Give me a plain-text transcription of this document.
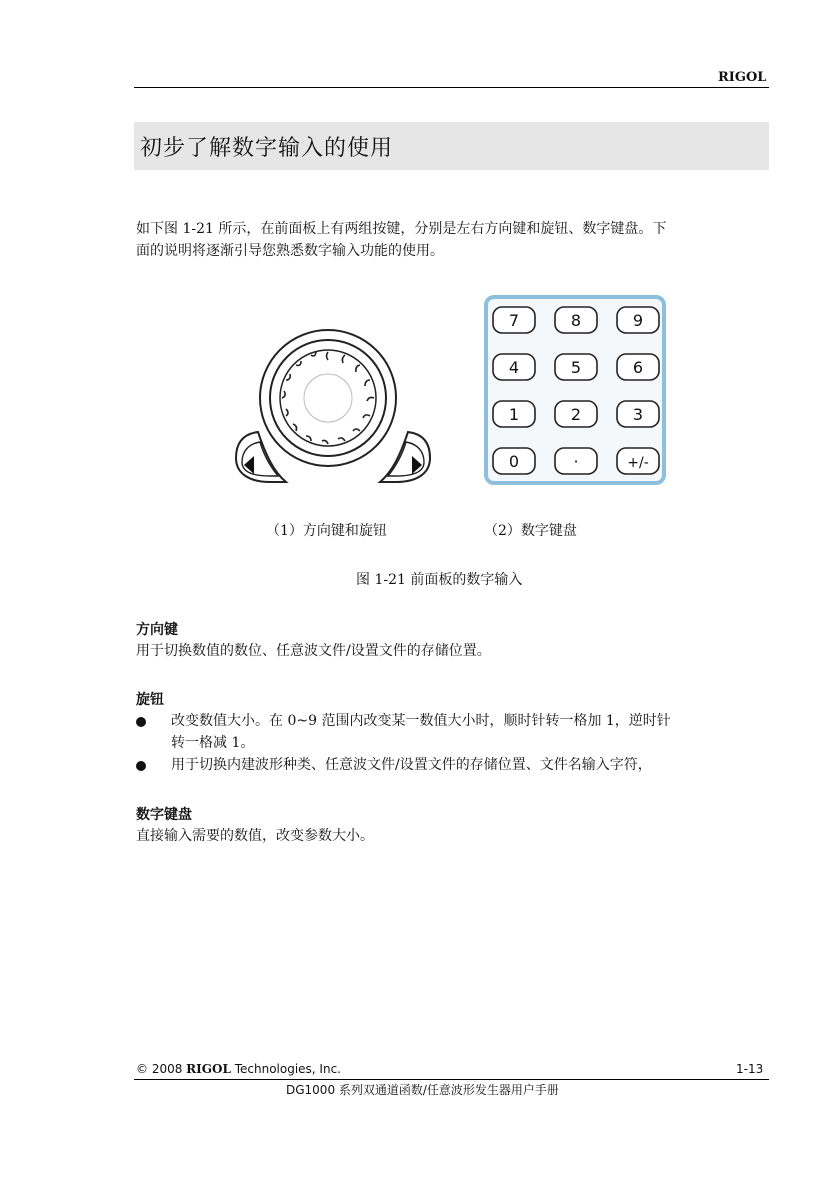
RIGOL
初步了解数字输入的使用
如下图 1-21 所示，在前面板上有两组按键，分别是左右方向键和旋钮、数字键盘。下
面的说明将逐渐引导您熟悉数字输入功能的使用。
7	8	9
4	5	6
1	2	3
0	·	+/-
（1）方向键和旋钮	（2）数字键盘
图 1-21 前面板的数字输入
方向键
用于切换数值的数位、任意波文件/设置文件的存储位置。
旋钮
改变数值大小。在 0~9 范围内改变某一数值大小时，顺时针转一格加 1，逆时针
转一格减 1。
用于切换内建波形种类、任意波文件/设置文件的存储位置、文件名输入字符，
数字键盘
直接输入需要的数值，改变参数大小。
© 2008 RIGOL Technologies, Inc.	1-13
DG1000 系列双通道函数/任意波形发生器用户手册
